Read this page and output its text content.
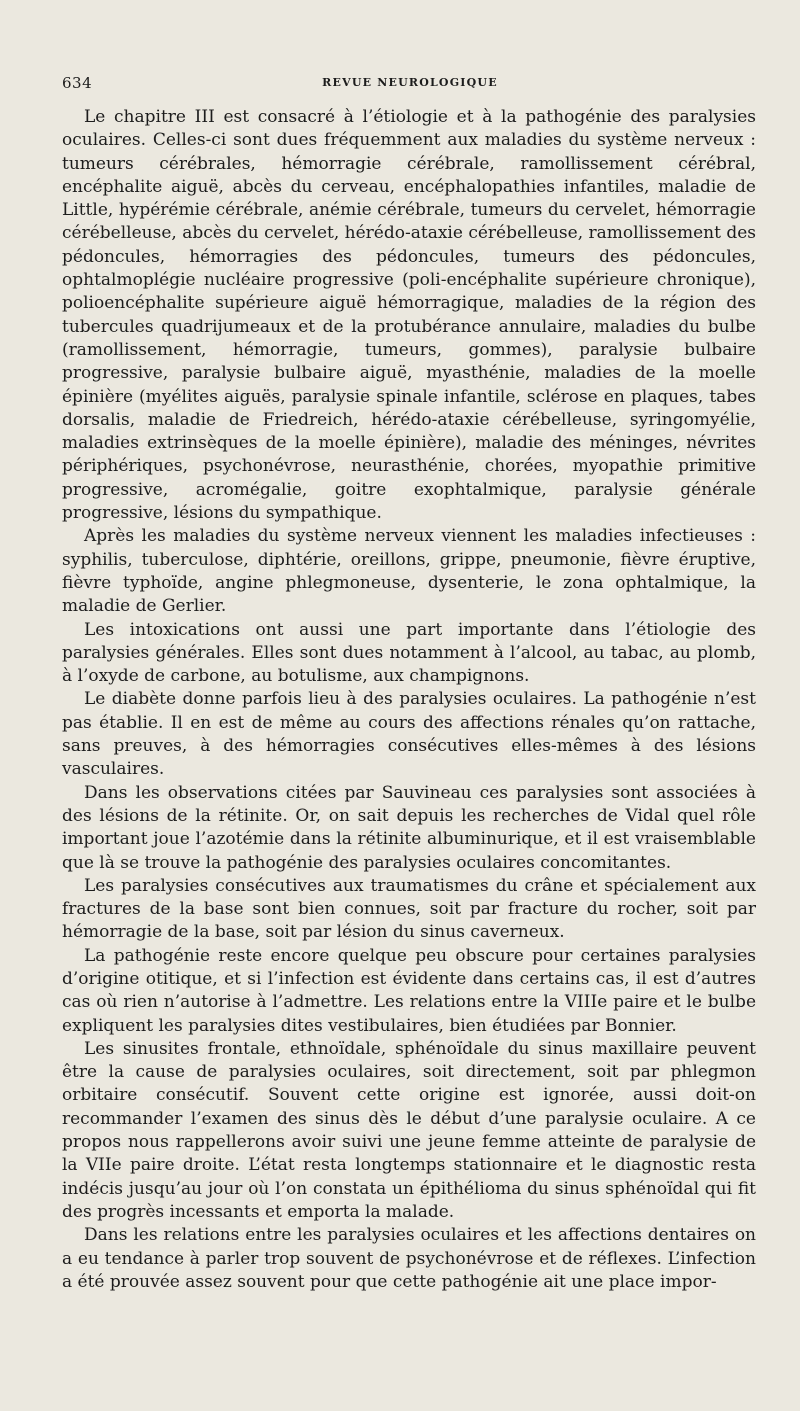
634	REVUE NEUROLOGIQUE

Le chapitre III est consacré à l’étiologie et à la pathogénie des paralysies oculaires. Celles-ci sont dues fréquemment aux maladies du système nerveux : tumeurs cérébrales, hémorragie cérébrale, ramollissement cérébral, encéphalite aiguë, abcès du cerveau, encéphalopathies infantiles, maladie de Little, hypérémie cérébrale, anémie cérébrale, tumeurs du cervelet, hémorragie cérébelleuse, abcès du cervelet, hérédo-ataxie cérébelleuse, ramollissement des pédoncules, hémorragies des pédoncules, tumeurs des pédoncules, ophtalmoplégie nucléaire progressive (poli-encéphalite supérieure chronique), polioencéphalite supérieure aiguë hémorragique, maladies de la région des tubercules quadrijumeaux et de la protubérance annulaire, maladies du bulbe (ramollissement, hémorragie, tumeurs, gommes), paralysie bulbaire progressive, paralysie bulbaire aiguë, myasthénie, maladies de la moelle épinière (myélites aiguës, paralysie spinale infantile, sclérose en plaques, tabes dorsalis, maladie de Friedreich, hérédo-ataxie cérébelleuse, syringomyélie, maladies extrinsèques de la moelle épinière), maladie des méninges, névrites périphériques, psychonévrose, neurasthénie, chorées, myopathie primitive progressive, acromégalie, goitre exophtalmique, paralysie générale progressive, lésions du sympathique.

Après les maladies du système nerveux viennent les maladies infectieuses : syphilis, tuberculose, diphtérie, oreillons, grippe, pneumonie, fièvre éruptive, fièvre typhoïde, angine phlegmoneuse, dysenterie, le zona ophtalmique, la maladie de Gerlier.

Les intoxications ont aussi une part importante dans l’étiologie des paralysies générales. Elles sont dues notamment à l’alcool, au tabac, au plomb, à l’oxyde de carbone, au botulisme, aux champignons.

Le diabète donne parfois lieu à des paralysies oculaires. La pathogénie n’est pas établie. Il en est de même au cours des affections rénales qu’on rattache, sans preuves, à des hémorragies consécutives elles-mêmes à des lésions vasculaires.

Dans les observations citées par Sauvineau ces paralysies sont associées à des lésions de la rétinite. Or, on sait depuis les recherches de Vidal quel rôle important joue l’azotémie dans la rétinite albuminurique, et il est vraisemblable que là se trouve la pathogénie des paralysies oculaires concomitantes.

Les paralysies consécutives aux traumatismes du crâne et spécialement aux fractures de la base sont bien connues, soit par fracture du rocher, soit par hémorragie de la base, soit par lésion du sinus caverneux.

La pathogénie reste encore quelque peu obscure pour certaines paralysies d’origine otitique, et si l’infection est évidente dans certains cas, il est d’autres cas où rien n’autorise à l’admettre. Les relations entre la VIIIe paire et le bulbe expliquent les paralysies dites vestibulaires, bien étudiées par Bonnier.

Les sinusites frontale, ethnoïdale, sphénoïdale du sinus maxillaire peuvent être la cause de paralysies oculaires, soit directement, soit par phlegmon orbitaire consécutif. Souvent cette origine est ignorée, aussi doit-on recommander l’examen des sinus dès le début d’une paralysie oculaire. A ce propos nous rappellerons avoir suivi une jeune femme atteinte de paralysie de la VIIe paire droite. L’état resta longtemps stationnaire et le diagnostic resta indécis jusqu’au jour où l’on constata un épithélioma du sinus sphénoïdal qui fit des progrès incessants et emporta la malade.

Dans les relations entre les paralysies oculaires et les affections dentaires on a eu tendance à parler trop souvent de psychonévrose et de réflexes. L’infection a été prouvée assez souvent pour que cette pathogénie ait une place impor-
